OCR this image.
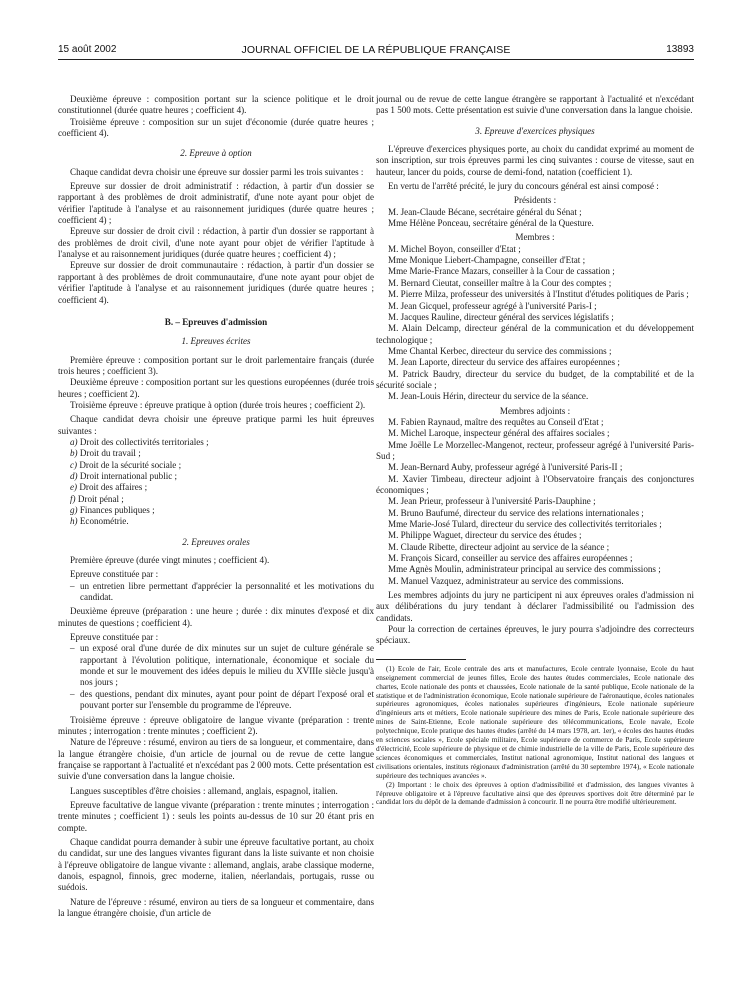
15 août 2002	JOURNAL OFFICIEL DE LA RÉPUBLIQUE FRANÇAISE	13893

Deuxième épreuve : composition portant sur la science politique et le droit constitutionnel (durée quatre heures ; coefficient 4).

Troisième épreuve : composition sur un sujet d'économie (durée quatre heures ; coefficient 4).

2. Epreuve à option

Chaque candidat devra choisir une épreuve sur dossier parmi les trois suivantes :

Epreuve sur dossier de droit administratif : rédaction, à partir d'un dossier se rapportant à des problèmes de droit administratif, d'une note ayant pour objet de vérifier l'aptitude à l'analyse et au raisonnement juridiques (durée quatre heures ; coefficient 4) ;

Epreuve sur dossier de droit civil : rédaction, à partir d'un dossier se rapportant à des problèmes de droit civil, d'une note ayant pour objet de vérifier l'aptitude à l'analyse et au raisonnement juridiques (durée quatre heures ; coefficient 4) ;

Epreuve sur dossier de droit communautaire : rédaction, à partir d'un dossier se rapportant à des problèmes de droit communautaire, d'une note ayant pour objet de vérifier l'aptitude à l'analyse et au raisonnement juridiques (durée quatre heures ; coefficient 4).

B. – Epreuves d'admission

1. Epreuves écrites

Première épreuve : composition portant sur le droit parlementaire français (durée trois heures ; coefficient 3).

Deuxième épreuve : composition portant sur les questions européennes (durée trois heures ; coefficient 2).

Troisième épreuve : épreuve pratique à option (durée trois heures ; coefficient 2).

Chaque candidat devra choisir une épreuve pratique parmi les huit épreuves suivantes :

a) Droit des collectivités territoriales ;
b) Droit du travail ;
c) Droit de la sécurité sociale ;
d) Droit international public ;
e) Droit des affaires ;
f) Droit pénal ;
g) Finances publiques ;
h) Econométrie.

2. Epreuves orales

Première épreuve (durée vingt minutes ; coefficient 4).

Epreuve constituée par :

– un entretien libre permettant d'apprécier la personnalité et les motivations du candidat.

Deuxième épreuve (préparation : une heure ; durée : dix minutes d'exposé et dix minutes de questions ; coefficient 4).

Epreuve constituée par :

– un exposé oral d'une durée de dix minutes sur un sujet de culture générale se rapportant à l'évolution politique, internationale, économique et sociale du monde et sur le mouvement des idées depuis le milieu du XVIIIe siècle jusqu'à nos jours ;
– des questions, pendant dix minutes, ayant pour point de départ l'exposé oral et pouvant porter sur l'ensemble du programme de l'épreuve.

Troisième épreuve : épreuve obligatoire de langue vivante (préparation : trente minutes ; interrogation : trente minutes ; coefficient 2).

Nature de l'épreuve : résumé, environ au tiers de sa longueur, et commentaire, dans la langue étrangère choisie, d'un article de journal ou de revue de cette langue française se rapportant à l'actualité et n'excédant pas 2 000 mots. Cette présentation est suivie d'une conversation dans la langue choisie.

Langues susceptibles d'être choisies : allemand, anglais, espagnol, italien.

Epreuve facultative de langue vivante (préparation : trente minutes ; interrogation : trente minutes ; coefficient 1) : seuls les points au-dessus de 10 sur 20 étant pris en compte.

Chaque candidat pourra demander à subir une épreuve facultative portant, au choix du candidat, sur une des langues vivantes figurant dans la liste suivante et non choisie à l'épreuve obligatoire de langue vivante : allemand, anglais, arabe classique moderne, danois, espagnol, finnois, grec moderne, italien, néerlandais, portugais, russe ou suédois.

Nature de l'épreuve : résumé, environ au tiers de sa longueur et commentaire, dans la langue étrangère choisie, d'un article de

journal ou de revue de cette langue étrangère se rapportant à l'actualité et n'excédant pas 1 500 mots. Cette présentation est suivie d'une conversation dans la langue choisie.

3. Epreuve d'exercices physiques

L'épreuve d'exercices physiques porte, au choix du candidat exprimé au moment de son inscription, sur trois épreuves parmi les cinq suivantes : course de vitesse, saut en hauteur, lancer du poids, course de demi-fond, natation (coefficient 1).

En vertu de l'arrêté précité, le jury du concours général est ainsi composé :

Présidents :

M. Jean-Claude Bécane, secrétaire général du Sénat ;

Mme Hélène Ponceau, secrétaire général de la Questure.

Membres :

M. Michel Boyon, conseiller d'Etat ;

Mme Monique Liebert-Champagne, conseiller d'Etat ;

Mme Marie-France Mazars, conseiller à la Cour de cassation ;

M. Bernard Cieutat, conseiller maître à la Cour des comptes ;

M. Pierre Milza, professeur des universités à l'Institut d'études politiques de Paris ;

M. Jean Gicquel, professeur agrégé à l'université Paris-I ;

M. Jacques Rauline, directeur général des services législatifs ;

M. Alain Delcamp, directeur général de la communication et du développement technologique ;

Mme Chantal Kerbec, directeur du service des commissions ;

M. Jean Laporte, directeur du service des affaires européennes ;

M. Patrick Baudry, directeur du service du budget, de la comptabilité et de la sécurité sociale ;

M. Jean-Louis Hérin, directeur du service de la séance.

Membres adjoints :

M. Fabien Raynaud, maître des requêtes au Conseil d'Etat ;

M. Michel Laroque, inspecteur général des affaires sociales ;

Mme Joëlle Le Morzellec-Mangenot, recteur, professeur agrégé à l'université Paris-Sud ;

M. Jean-Bernard Auby, professeur agrégé à l'université Paris-II ;

M. Xavier Timbeau, directeur adjoint à l'Observatoire français des conjonctures économiques ;

M. Jean Prieur, professeur à l'université Paris-Dauphine ;

M. Bruno Baufumé, directeur du service des relations internationales ;

Mme Marie-José Tulard, directeur du service des collectivités territoriales ;

M. Philippe Waguet, directeur du service des études ;

M. Claude Ribette, directeur adjoint au service de la séance ;

M. François Sicard, conseiller au service des affaires européennes ;

Mme Agnès Moulin, administrateur principal au service des commissions ;

M. Manuel Vazquez, administrateur au service des commissions.

Les membres adjoints du jury ne participent ni aux épreuves orales d'admission ni aux délibérations du jury tendant à déclarer l'admissibilité ou l'admission des candidats.

Pour la correction de certaines épreuves, le jury pourra s'adjoindre des correcteurs spéciaux.

(1) Ecole de l'air, Ecole centrale des arts et manufactures, Ecole centrale lyonnaise, Ecole du haut enseignement commercial de jeunes filles, Ecole des hautes études commerciales, Ecole nationale des chartes, Ecole nationale des ponts et chaussées, Ecole nationale de la santé publique, Ecole nationale de la statistique et de l'administration économique, Ecole nationale supérieure de l'aéronautique, écoles nationales supérieures agronomiques, écoles nationales supérieures d'ingénieurs, Ecole nationale supérieure d'ingénieurs arts et métiers, Ecole nationale supérieure des mines de Paris, Ecole nationale supérieure des mines de Saint-Etienne, Ecole nationale supérieure des télécommunications, Ecole navale, Ecole polytechnique, Ecole pratique des hautes études (arrêté du 14 mars 1978, art. 1er), « écoles des hautes études en sciences sociales », Ecole spéciale militaire, Ecole supérieure de commerce de Paris, Ecole supérieure d'électricité, Ecole supérieure de physique et de chimie industrielle de la ville de Paris, Ecole supérieure des sciences économiques et commerciales, Institut national agronomique, Institut national des langues et civilisations orientales, instituts régionaux d'administration (arrêté du 30 septembre 1974), « Ecole nationale supérieure des techniques avancées ».

(2) Important : le choix des épreuves à option d'admissibilité et d'admission, des langues vivantes à l'épreuve obligatoire et à l'épreuve facultative ainsi que des épreuves sportives doit être déterminé par le candidat lors du dépôt de la demande d'admission à concourir. Il ne pourra être modifié ultérieurement.
